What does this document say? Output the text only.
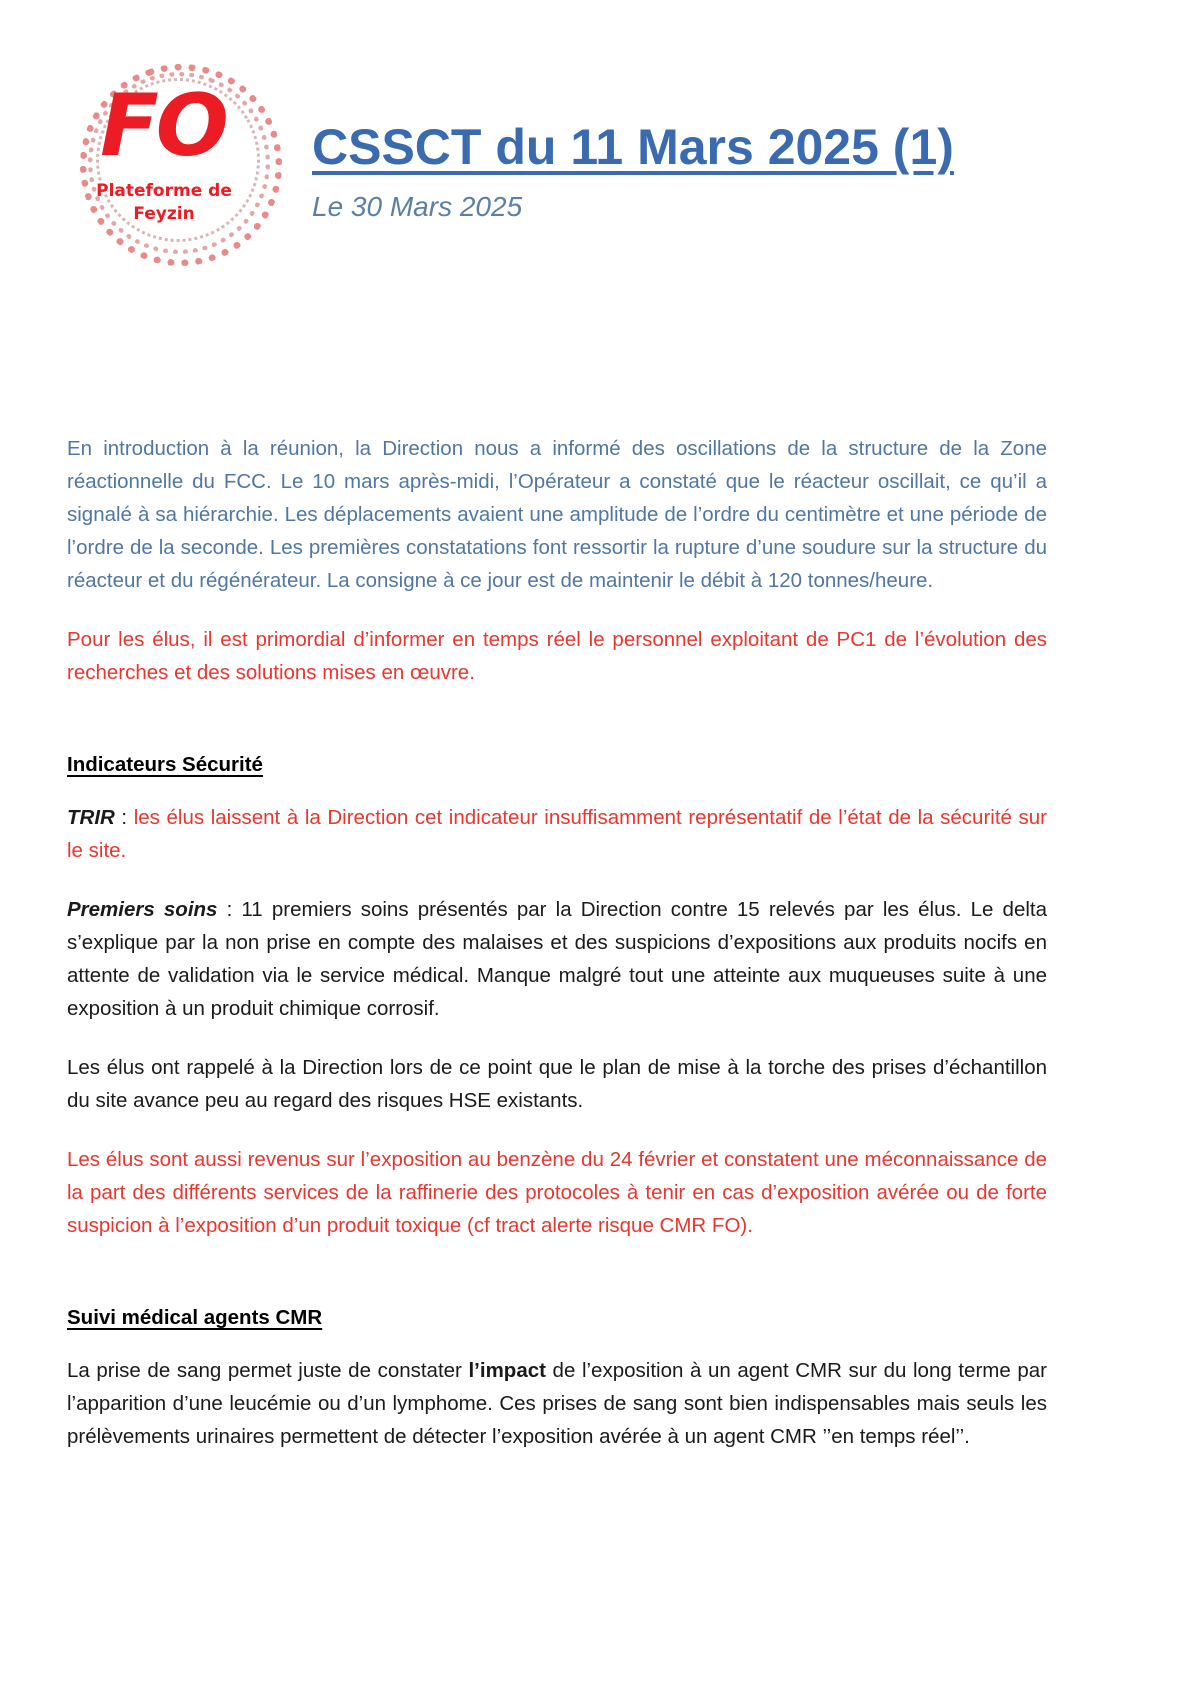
FO
Plateforme de
Feyzin
CSSCT du 11 Mars 2025 (1)
Le 30 Mars 2025

En introduction à la réunion, la Direction nous a informé des oscillations de la structure de la Zone réactionnelle du FCC. Le 10 mars après-midi, l’Opérateur a constaté que le réacteur oscillait, ce qu’il a signalé à sa hiérarchie. Les déplacements avaient une amplitude de l’ordre du centimètre et une période de l’ordre de la seconde. Les premières constatations font ressortir la rupture d’une soudure sur la structure du réacteur et du régénérateur. La consigne à ce jour est de maintenir le débit à 120 tonnes/heure.

Pour les élus, il est primordial d’informer en temps réel le personnel exploitant de PC1 de l’évolution des recherches et des solutions mises en œuvre.

Indicateurs Sécurité

TRIR : les élus laissent à la Direction cet indicateur insuffisamment représentatif de l’état de la sécurité sur le site.

Premiers soins : 11 premiers soins présentés par la Direction contre 15 relevés par les élus. Le delta s’explique par la non prise en compte des malaises et des suspicions d’expositions aux produits nocifs en attente de validation via le service médical. Manque malgré tout une atteinte aux muqueuses suite à une exposition à un produit chimique corrosif.

Les élus ont rappelé à la Direction lors de ce point que le plan de mise à la torche des prises d’échantillon du site avance peu au regard des risques HSE existants.

Les élus sont aussi revenus sur l’exposition au benzène du 24 février et constatent une méconnaissance de la part des différents services de la raffinerie des protocoles à tenir en cas d’exposition avérée ou de forte suspicion à l’exposition d’un produit toxique (cf tract alerte risque CMR FO).

Suivi médical agents CMR

La prise de sang permet juste de constater l’impact de l’exposition à un agent CMR sur du long terme par l’apparition d’une leucémie ou d’un lymphome. Ces prises de sang sont bien indispensables mais seuls les prélèvements urinaires permettent de détecter l’exposition avérée à un agent CMR ’’en temps réel’’.
